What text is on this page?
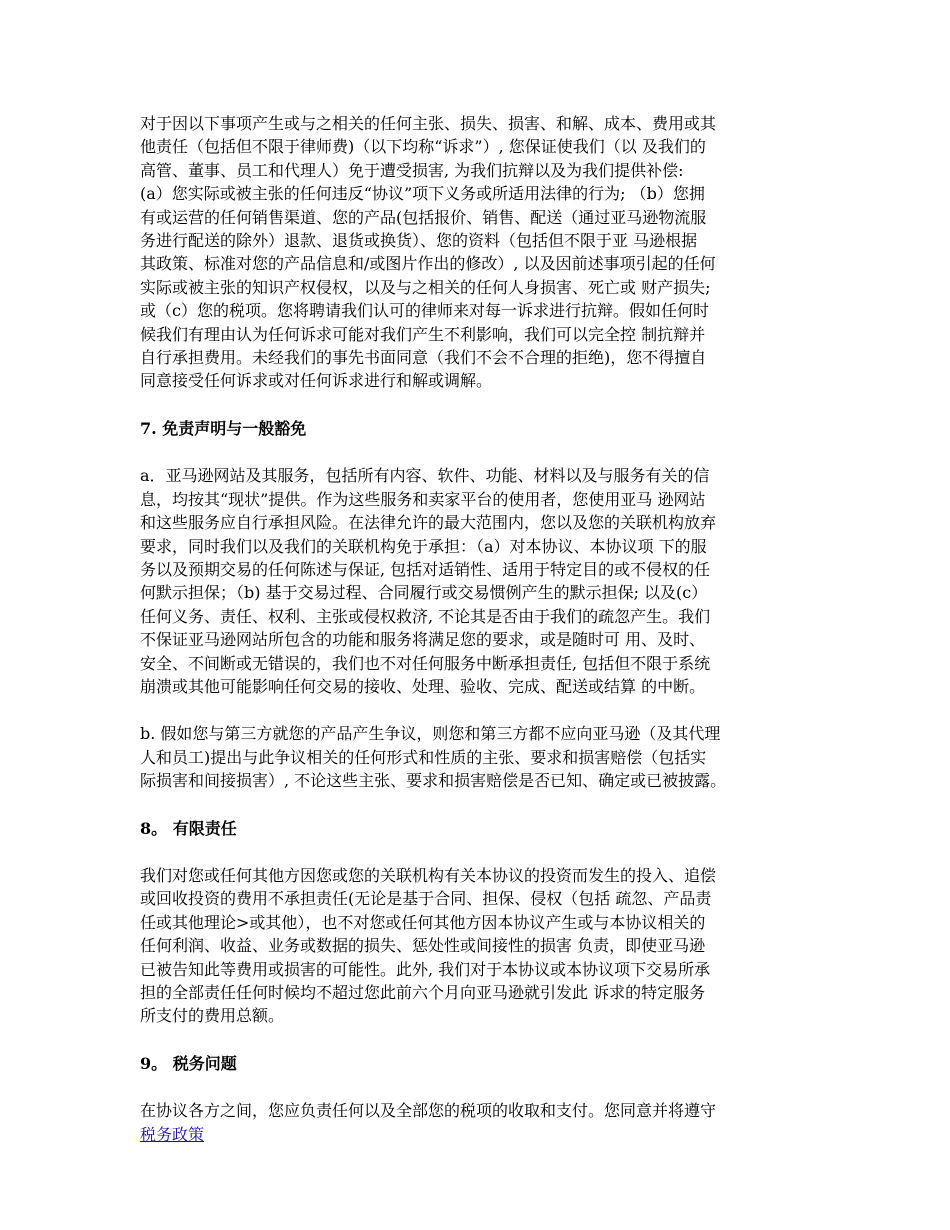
对于因以下事项产生或与之相关的任何主张、损失、损害、和解、成本、费用或其
他责任（包括但不限于律师费)（以下均称“诉求”）, 您保证使我们（以 及我们的
高管、董事、员工和代理人）免于遭受损害, 为我们抗辩以及为我们提供补偿:
(a）您实际或被主张的任何违反“协议”项下义务或所适用法律的行为; （b）您拥
有或运营的任何销售渠道、您的产品(包括报价、销售、配送（通过亚马逊物流服
务进行配送的除外）退款、退货或换货）、您的资料（包括但不限于亚 马逊根据
其政策、标准对您的产品信息和/或图片作出的修改）, 以及因前述事项引起的任何
实际或被主张的知识产权侵权，以及与之相关的任何人身损害、死亡或 财产损失;
或（c）您的税项。您将聘请我们认可的律师来对每一诉求进行抗辩。假如任何时
候我们有理由认为任何诉求可能对我们产生不利影响，我们可以完全控 制抗辩并
自行承担费用。未经我们的事先书面同意（我们不会不合理的拒绝)，您不得擅自
同意接受任何诉求或对任何诉求进行和解或调解。

7. 免责声明与一般豁免

a．亚马逊网站及其服务，包括所有内容、软件、功能、材料以及与服务有关的信
息，均按其“现状”提供。作为这些服务和卖家平台的使用者，您使用亚马 逊网站
和这些服务应自行承担风险。在法律允许的最大范围内，您以及您的关联机构放弃
要求，同时我们以及我们的关联机构免于承担：（a）对本协议、本协议项 下的服
务以及预期交易的任何陈述与保证, 包括对适销性、适用于特定目的或不侵权的任
何默示担保；（b) 基于交易过程、合同履行或交易惯例产生的默示担保; 以及(c）
任何义务、责任、权利、主张或侵权救济, 不论其是否由于我们的疏忽产生。我们
不保证亚马逊网站所包含的功能和服务将满足您的要求，或是随时可 用、及时、
安全、不间断或无错误的，我们也不对任何服务中断承担责任, 包括但不限于系统
崩溃或其他可能影响任何交易的接收、处理、验收、完成、配送或结算 的中断。

b. 假如您与第三方就您的产品产生争议，则您和第三方都不应向亚马逊（及其代理
人和员工)提出与此争议相关的任何形式和性质的主张、要求和损害赔偿（包括实
际损害和间接损害）, 不论这些主张、要求和损害赔偿是否已知、确定或已被披露。

8。 有限责任

我们对您或任何其他方因您或您的关联机构有关本协议的投资而发生的投入、追偿
或回收投资的费用不承担责任(无论是基于合同、担保、侵权（包括 疏忽、产品责
任或其他理论>或其他），也不对您或任何其他方因本协议产生或与本协议相关的
任何利润、收益、业务或数据的损失、惩处性或间接性的损害 负责，即使亚马逊
已被告知此等费用或损害的可能性。此外, 我们对于本协议或本协议项下交易所承
担的全部责任任何时候均不超过您此前六个月向亚马逊就引发此 诉求的特定服务
所支付的费用总额。

9。 税务问题

在协议各方之间，您应负责任何以及全部您的税项的收取和支付。您同意并将遵守
税务政策
